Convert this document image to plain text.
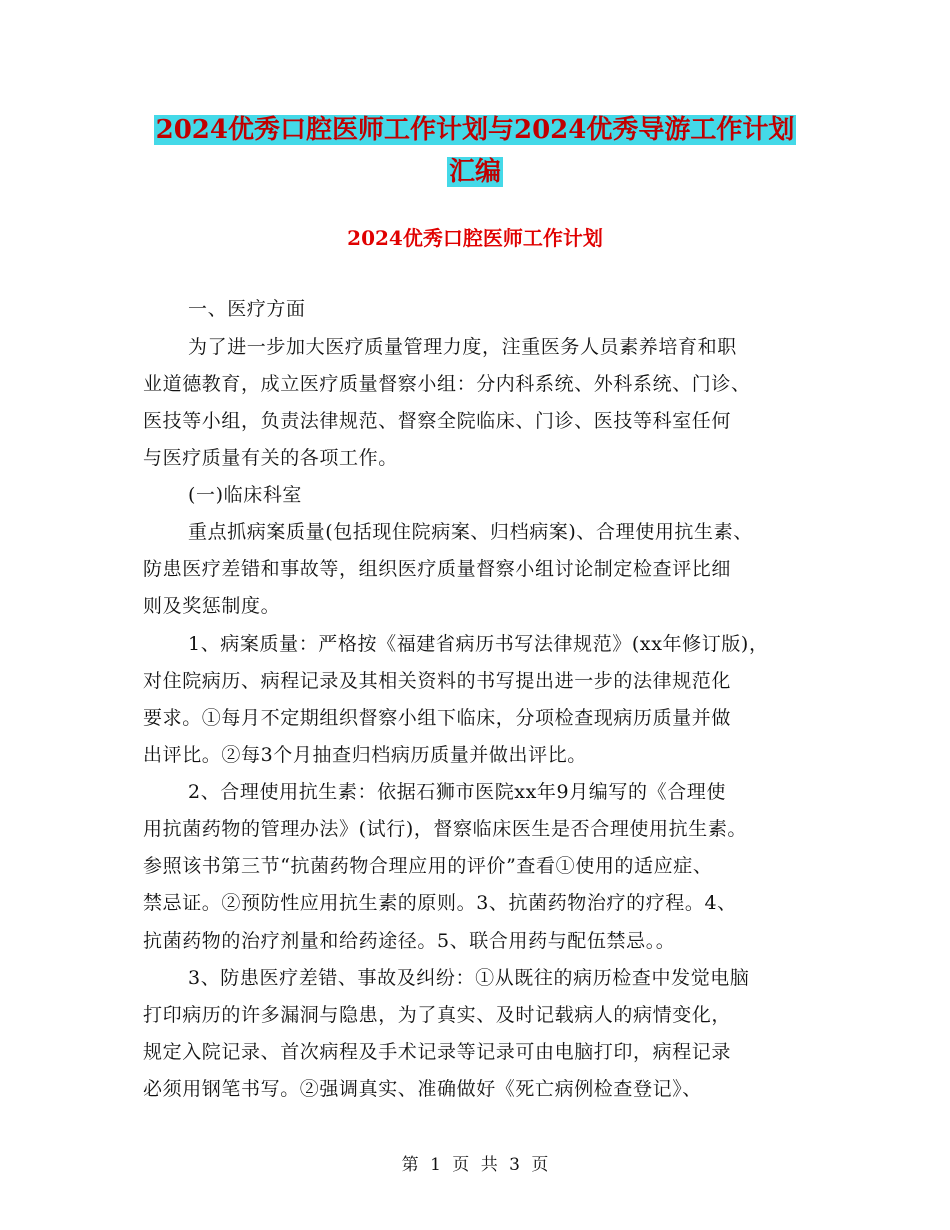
2024优秀口腔医师工作计划与2024优秀导游工作计划
汇编
2024优秀口腔医师工作计划
一、医疗方面
为了进一步加大医疗质量管理力度，注重医务人员素养培育和职
业道德教育，成立医疗质量督察小组：分内科系统、外科系统、门诊、
医技等小组，负责法律规范、督察全院临床、门诊、医技等科室任何
与医疗质量有关的各项工作。
(一)临床科室
重点抓病案质量(包括现住院病案、归档病案)、合理使用抗生素、
防患医疗差错和事故等，组织医疗质量督察小组讨论制定检查评比细
则及奖惩制度。
1、病案质量：严格按《福建省病历书写法律规范》(xx年修订版)，
对住院病历、病程记录及其相关资料的书写提出进一步的法律规范化
要求。①每月不定期组织督察小组下临床，分项检查现病历质量并做
出评比。②每3个月抽查归档病历质量并做出评比。
2、合理使用抗生素：依据石狮市医院xx年9月编写的《合理使
用抗菌药物的管理办法》(试行)，督察临床医生是否合理使用抗生素。
参照该书第三节“抗菌药物合理应用的评价”查看①使用的适应症、
禁忌证。②预防性应用抗生素的原则。3、抗菌药物治疗的疗程。4、
抗菌药物的治疗剂量和给药途径。5、联合用药与配伍禁忌。。
3、防患医疗差错、事故及纠纷：①从既往的病历检查中发觉电脑
打印病历的许多漏洞与隐患，为了真实、及时记载病人的病情变化，
规定入院记录、首次病程及手术记录等记录可由电脑打印，病程记录
必须用钢笔书写。②强调真实、准确做好《死亡病例检查登记》、
第 1 页 共 3 页
